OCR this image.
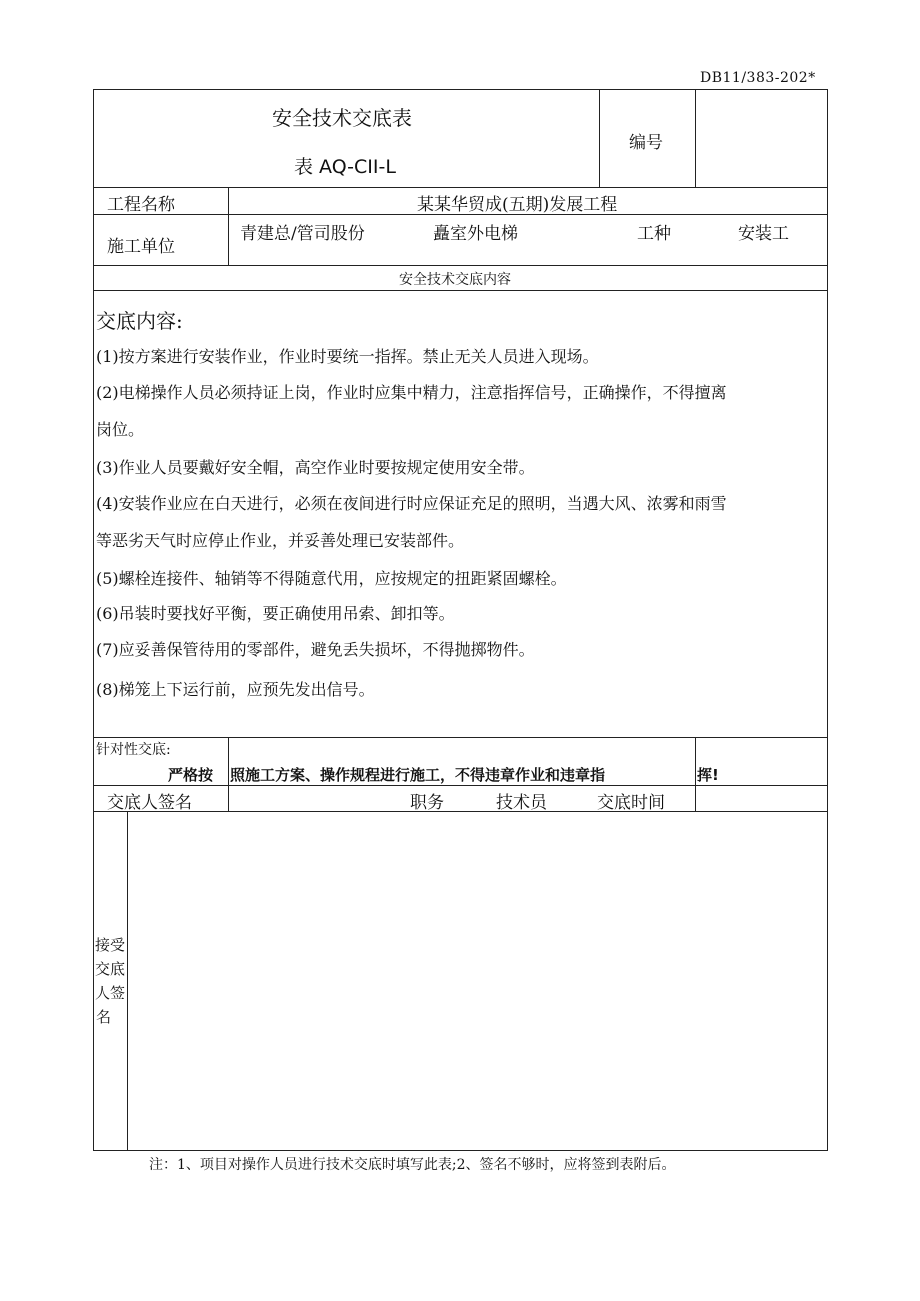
DB11/383-202*
安全技术交底表
表 AQ-CII-L
编号
工程名称	某某华贸成(五期)发展工程
施工单位
青建总/管司股份	矗室外电梯	工种	安装工
安全技术交底内容
交底内容:
(1)按方案进行安装作业，作业时要统一指挥。禁止无关人员进入现场。
(2)电梯操作人员必须持证上岗，作业时应集中精力，注意指挥信号，正确操作，不得擅离
岗位。
(3)作业人员要戴好安全帽，高空作业时要按规定使用安全带。
(4)安装作业应在白天进行，必须在夜间进行时应保证充足的照明，当遇大风、浓雾和雨雪
等恶劣天气时应停止作业，并妥善处理已安装部件。
(5)螺栓连接件、轴销等不得随意代用，应按规定的扭距紧固螺栓。
(6)吊装时要找好平衡，要正确使用吊索、卸扣等。
(7)应妥善保管待用的零部件，避免丢失损坏，不得抛掷物件。
(8)梯笼上下运行前，应预先发出信号。
针对性交底:
严格按 照施工方案、操作规程进行施工，不得违章作业和违章指	挥!
交底人签名	职务	技术员	交底时间
接受
交底
人签
名
注：1、项目对操作人员进行技术交底时填写此表;2、签名不够时，应将签到表附后。
